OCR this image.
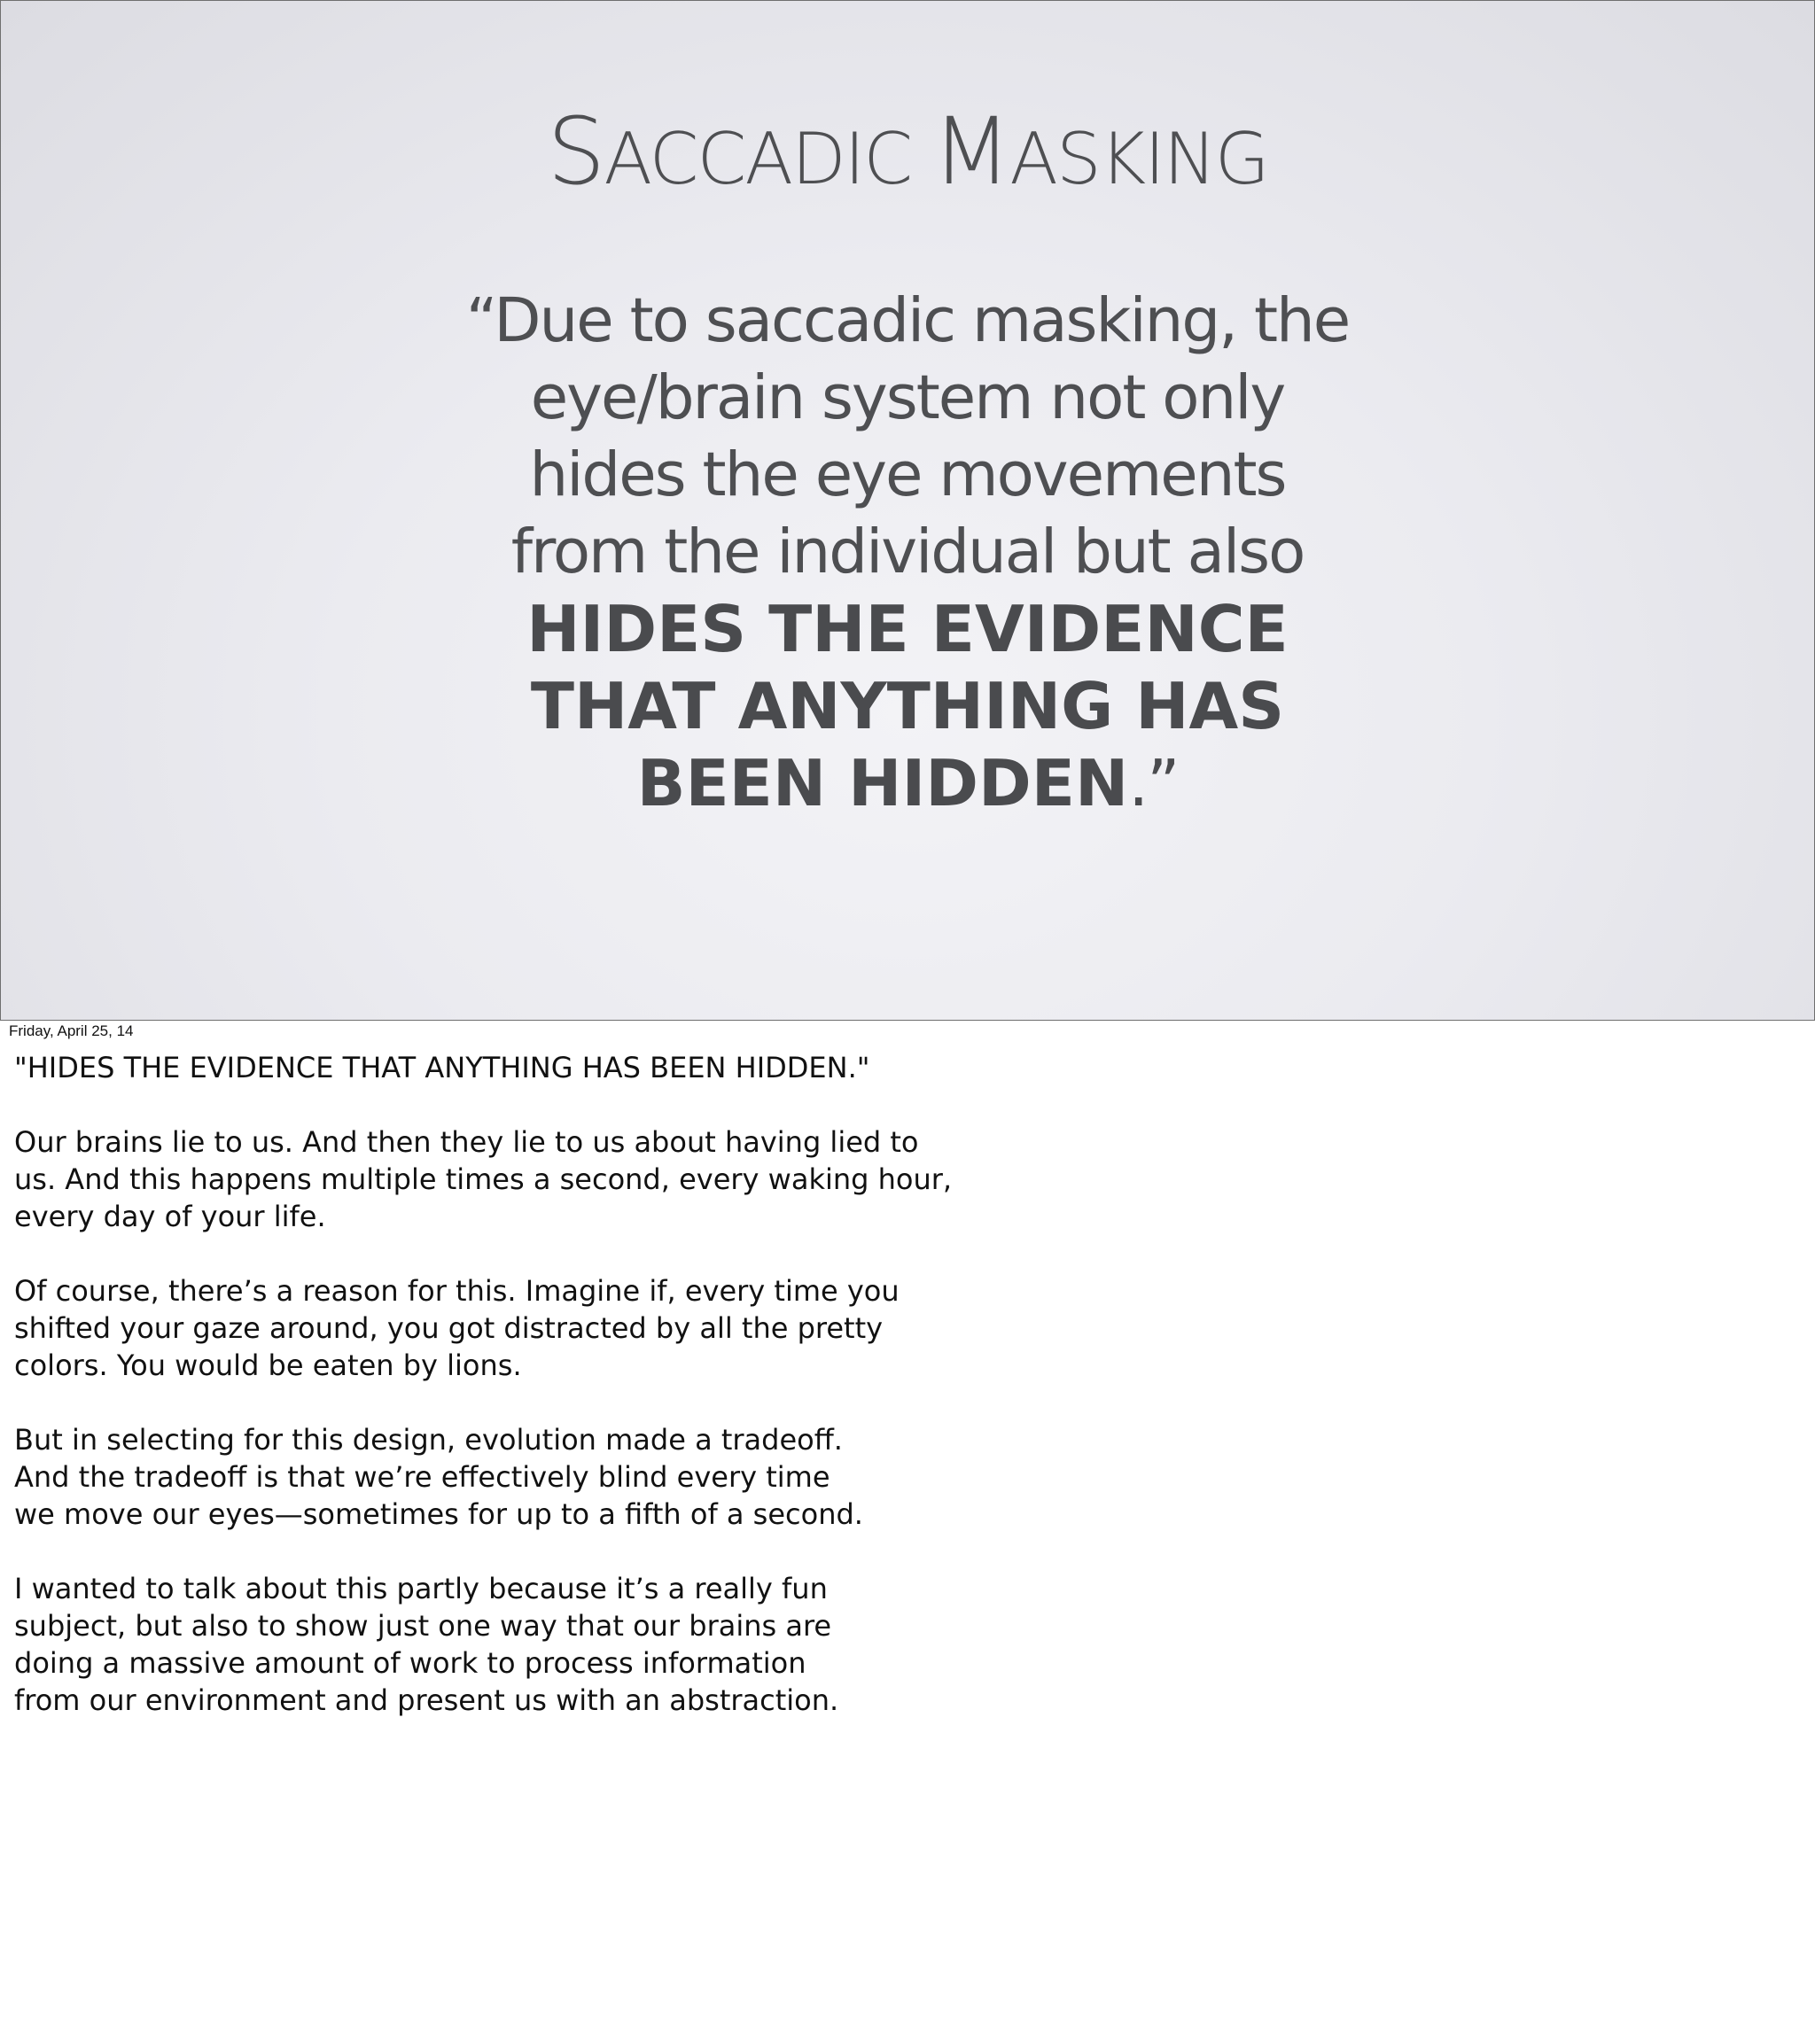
SACCADIC MASKING
“Due to saccadic masking, the
eye/brain system not only
hides the eye movements
from the individual but also
HIDES THE EVIDENCE
THAT ANYTHING HAS
BEEN HIDDEN.”
Friday, April 25, 14

"HIDES THE EVIDENCE THAT ANYTHING HAS BEEN HIDDEN."

Our brains lie to us. And then they lie to us about having lied to
us. And this happens multiple times a second, every waking hour,
every day of your life.

Of course, there’s a reason for this. Imagine if, every time you
shifted your gaze around, you got distracted by all the pretty
colors. You would be eaten by lions.

But in selecting for this design, evolution made a tradeoff.
And the tradeoff is that we’re effectively blind every time
we move our eyes—sometimes for up to a fifth of a second.

I wanted to talk about this partly because it’s a really fun
subject, but also to show just one way that our brains are
doing a massive amount of work to process information
from our environment and present us with an abstraction.
